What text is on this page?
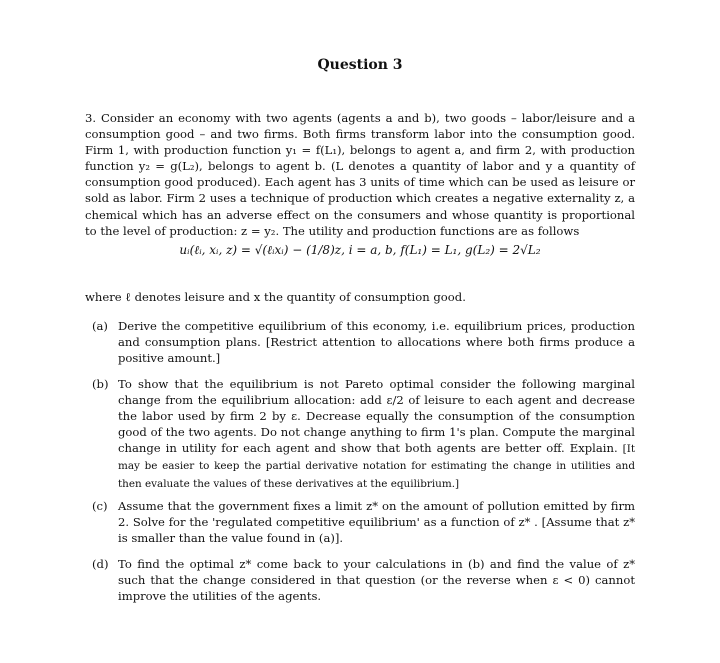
Question 3
3. Consider an economy with two agents (agents a and b), two goods – labor/leisure and a consumption good – and two firms. Both firms transform labor into the consumption good. Firm 1, with production function y₁ = f(L₁), belongs to agent a, and firm 2, with production function y₂ = g(L₂), belongs to agent b. (L denotes a quantity of labor and y a quantity of consumption good produced). Each agent has 3 units of time which can be used as leisure or sold as labor. Firm 2 uses a technique of production which creates a negative externality z, a chemical which has an adverse effect on the consumers and whose quantity is proportional to the level of production: z = y₂. The utility and production functions are as follows
uᵢ(ℓᵢ, xᵢ, z) = √(ℓᵢxᵢ) − (1/8)z, i = a, b, f(L₁) = L₁, g(L₂) = 2√L₂
where ℓ denotes leisure and x the quantity of consumption good.
(a) Derive the competitive equilibrium of this economy, i.e. equilibrium prices, production and consumption plans. [Restrict attention to allocations where both firms produce a positive amount.]
(b) To show that the equilibrium is not Pareto optimal consider the following marginal change from the equilibrium allocation: add ε/2 of leisure to each agent and decrease the labor used by firm 2 by ε. Decrease equally the consumption of the consumption good of the two agents. Do not change anything to firm 1's plan. Compute the marginal change in utility for each agent and show that both agents are better off. Explain. [It may be easier to keep the partial derivative notation for estimating the change in utilities and then evaluate the values of these derivatives at the equilibrium.]
(c) Assume that the government fixes a limit z* on the amount of pollution emitted by firm 2. Solve for the 'regulated competitive equilibrium' as a function of z* . [Assume that z* is smaller than the value found in (a)].
(d) To find the optimal z* come back to your calculations in (b) and find the value of z* such that the change considered in that question (or the reverse when ε < 0) cannot improve the utilities of the agents.
